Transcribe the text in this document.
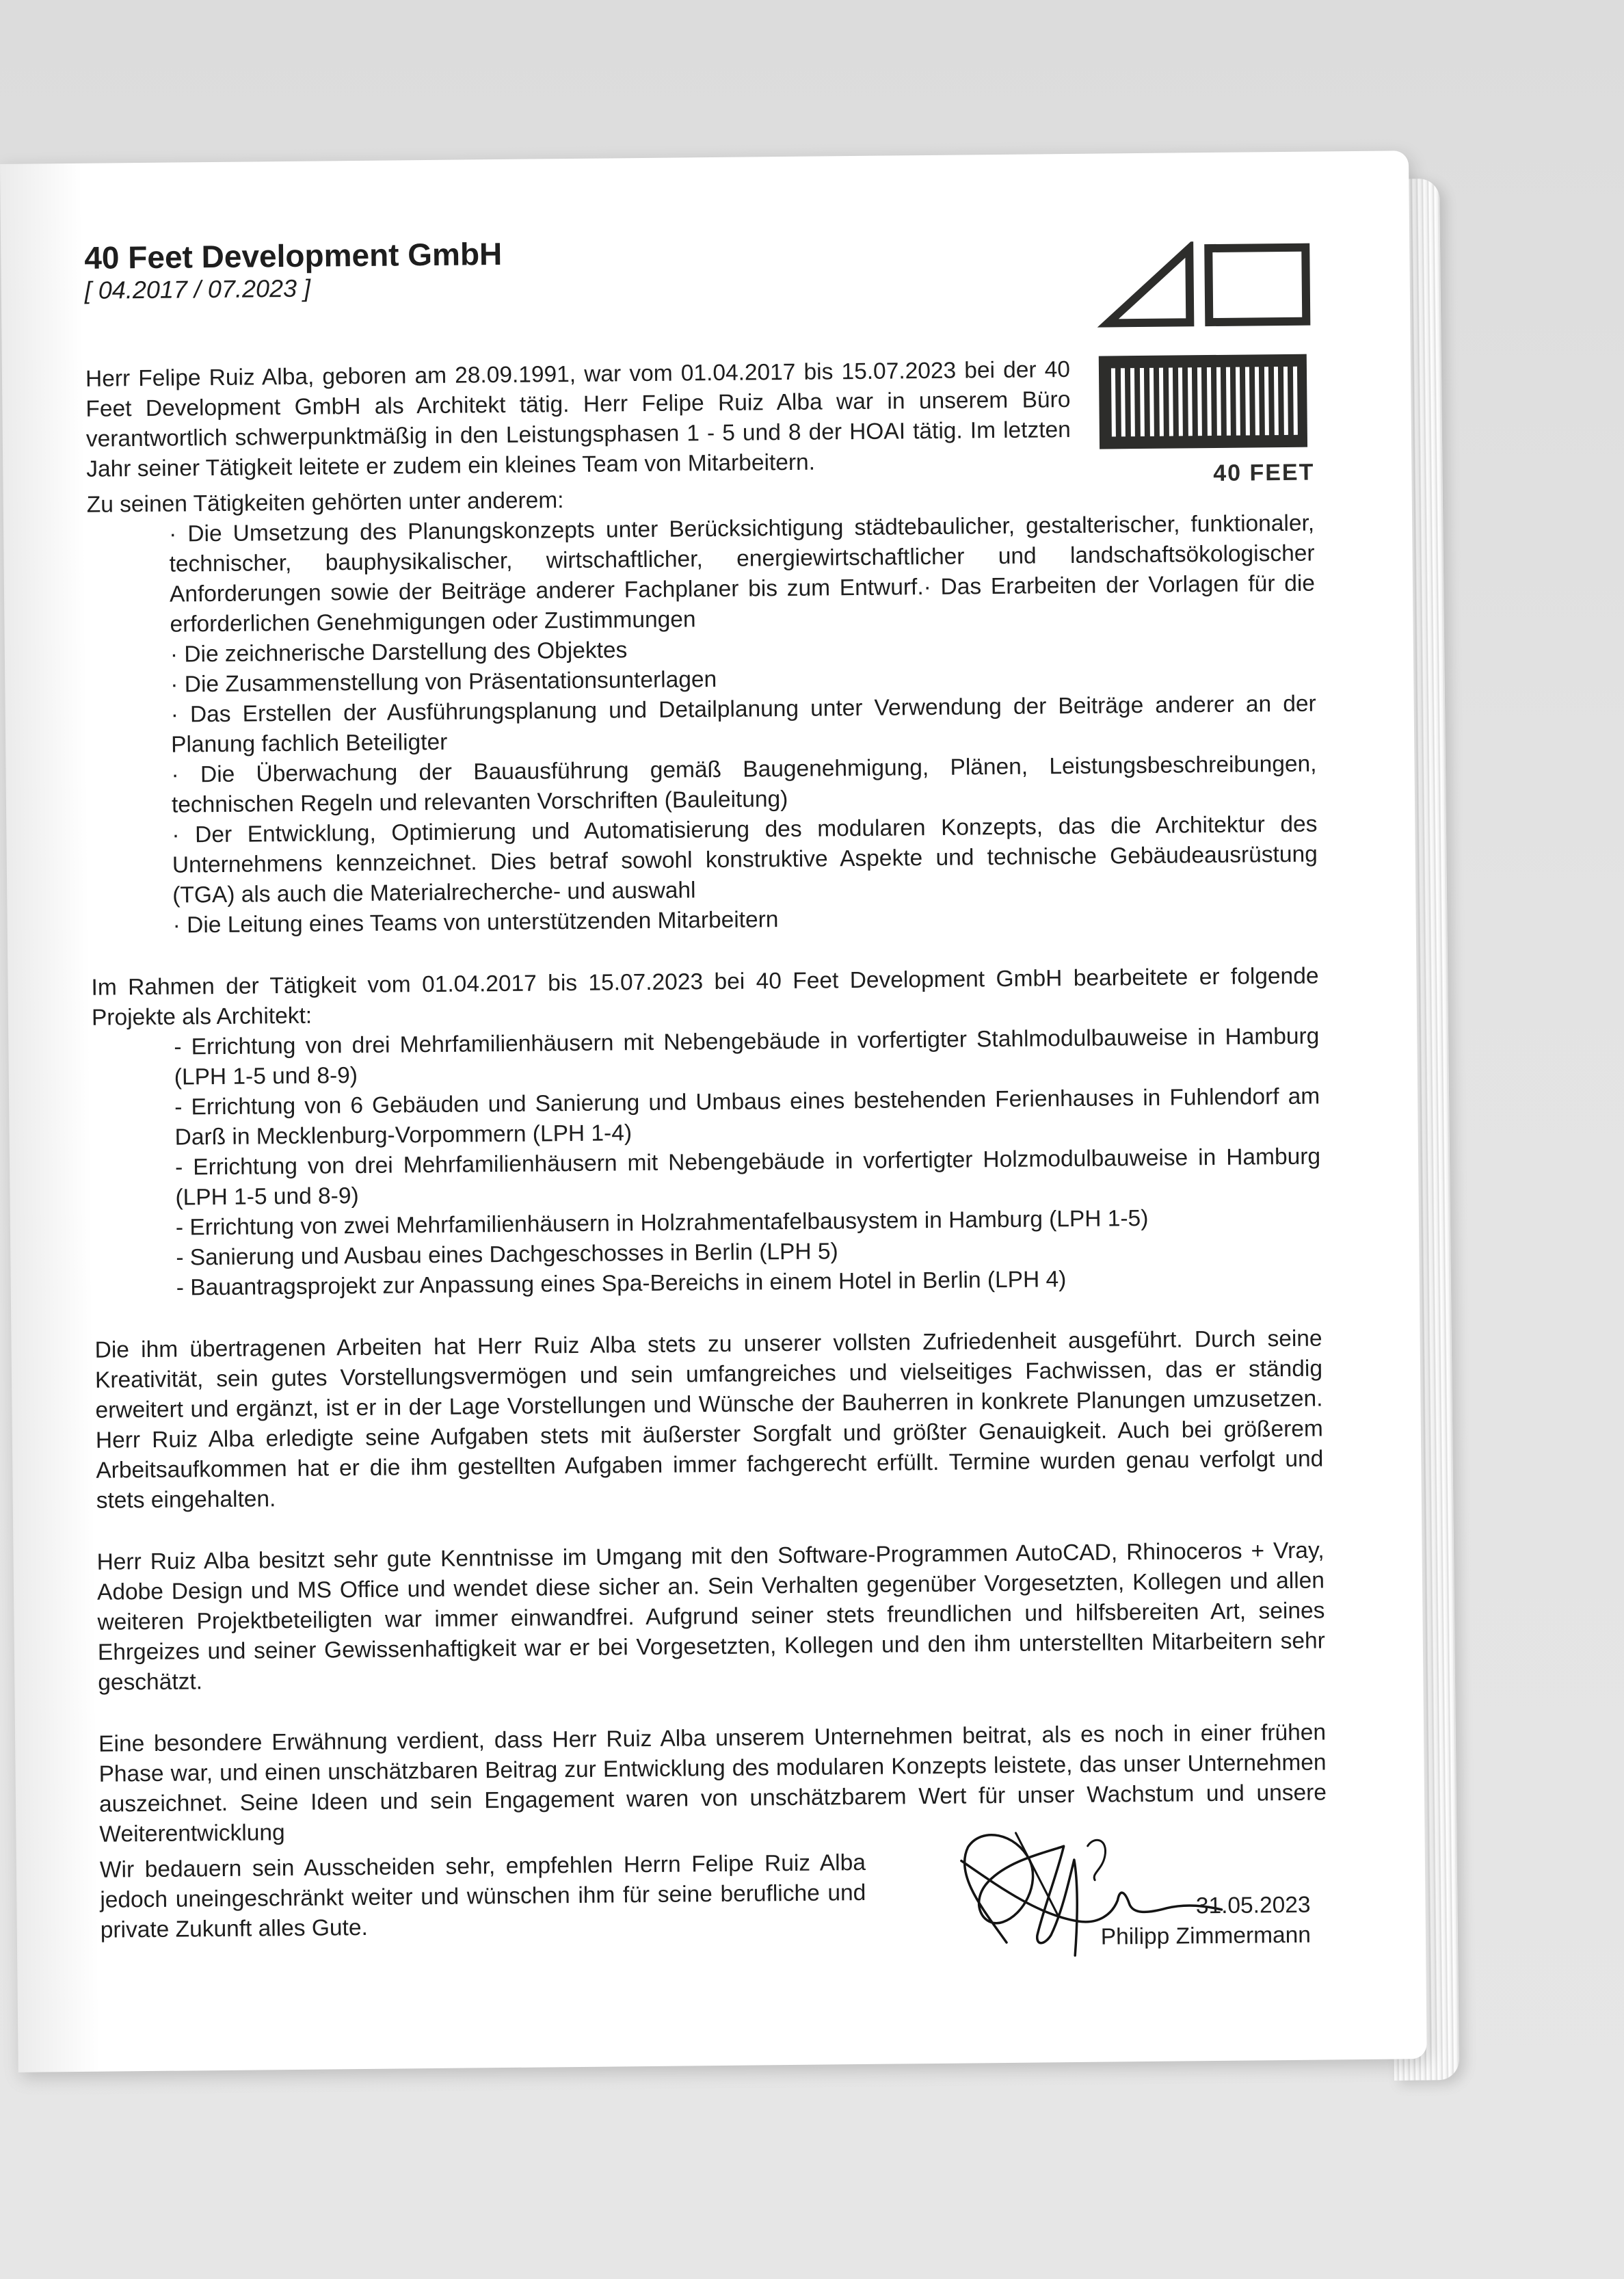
40 FEET
40 Feet Development GmbH

[ 04.2017 / 07.2023 ]

Herr Felipe Ruiz Alba, geboren am 28.09.1991, war vom 01.04.2017 bis 15.07.2023 bei der 40 Feet Development GmbH als Architekt tätig. Herr Felipe Ruiz Alba war in unserem Büro verantwortlich schwerpunktmäßig in den Leistungsphasen 1 - 5 und 8 der HOAI tätig. Im letzten Jahr seiner Tätigkeit leitete er zudem ein kleines Team von Mitarbeitern.

Zu seinen Tätigkeiten gehörten unter anderem:

· Die Umsetzung des Planungskonzepts unter Berücksichtigung städtebaulicher, gestalterischer, funktionaler, technischer, bauphysikalischer, wirtschaftlicher, energiewirtschaftlicher und landschaftsökologischer Anforderungen sowie der Beiträge anderer Fachplaner bis zum Entwurf.· Das Erarbeiten der Vorlagen für die erforderlichen Genehmigungen oder Zustimmungen
· Die zeichnerische Darstellung des Objektes
· Die Zusammenstellung von Präsentationsunterlagen
· Das Erstellen der Ausführungsplanung und Detailplanung unter Verwendung der Beiträge anderer an der Planung fachlich Beteiligter
· Die Überwachung der Bauausführung gemäß Baugenehmigung, Plänen, Leistungsbeschreibungen, technischen Regeln und relevanten Vorschriften (Bauleitung)
· Der Entwicklung, Optimierung und Automatisierung des modularen Konzepts, das die Architektur des Unternehmens kennzeichnet. Dies betraf sowohl konstruktive Aspekte und technische Gebäudeausrüstung (TGA) als auch die Materialrecherche- und auswahl
· Die Leitung eines Teams von unterstützenden Mitarbeitern

Im Rahmen der Tätigkeit vom 01.04.2017 bis 15.07.2023 bei 40 Feet Development GmbH bearbeitete er folgende Projekte als Architekt:

- Errichtung von drei Mehrfamilienhäusern mit Nebengebäude in vorfertigter Stahlmodulbauweise in Hamburg (LPH 1-5 und 8-9)
- Errichtung von 6 Gebäuden und Sanierung und Umbaus eines bestehenden Ferienhauses in Fuhlendorf am Darß in Mecklenburg-Vorpommern (LPH 1-4)
- Errichtung von drei Mehrfamilienhäusern mit Nebengebäude in vorfertigter Holzmodulbauweise in Hamburg (LPH 1-5 und 8-9)
- Errichtung von zwei Mehrfamilienhäusern in Holzrahmentafelbausystem in Hamburg (LPH 1-5)
- Sanierung und Ausbau eines Dachgeschosses in Berlin (LPH 5)
- Bauantragsprojekt zur Anpassung eines Spa-Bereichs in einem Hotel in Berlin (LPH 4)

Die ihm übertragenen Arbeiten hat Herr Ruiz Alba stets zu unserer vollsten Zufriedenheit ausgeführt. Durch seine Kreativität, sein gutes Vorstellungsvermögen und sein umfangreiches und vielseitiges Fachwissen, das er ständig erweitert und ergänzt, ist er in der Lage Vorstellungen und Wünsche der Bauherren in konkrete Planungen umzusetzen. Herr Ruiz Alba erledigte seine Aufgaben stets mit äußerster Sorgfalt und größter Genauigkeit. Auch bei größerem Arbeitsaufkommen hat er die ihm gestellten Aufgaben immer fachgerecht erfüllt. Termine wurden genau verfolgt und stets eingehalten.

Herr Ruiz Alba besitzt sehr gute Kenntnisse im Umgang mit den Software-Programmen AutoCAD, Rhinoceros + Vray, Adobe Design und MS Office und wendet diese sicher an. Sein Verhalten gegenüber Vorgesetzten, Kollegen und allen weiteren Projektbeteiligten war immer einwandfrei. Aufgrund seiner stets freundlichen und hilfsbereiten Art, seines Ehrgeizes und seiner Gewissenhaftigkeit war er bei Vorgesetzten, Kollegen und den ihm unterstellten Mitarbeitern sehr geschätzt.

Eine besondere Erwähnung verdient, dass Herr Ruiz Alba unserem Unternehmen beitrat, als es noch in einer frühen Phase war, und einen unschätzbaren Beitrag zur Entwicklung des modularen Konzepts leistete, das unser Unternehmen auszeichnet. Seine Ideen und sein Engagement waren von unschätzbarem Wert für unser Wachstum und unsere Weiterentwicklung

Wir bedauern sein Ausscheiden sehr, empfehlen Herrn Felipe Ruiz Alba jedoch uneingeschränkt weiter und wünschen ihm für seine berufliche und private Zukunft alles Gute.

31.05.2023
Philipp Zimmermann
